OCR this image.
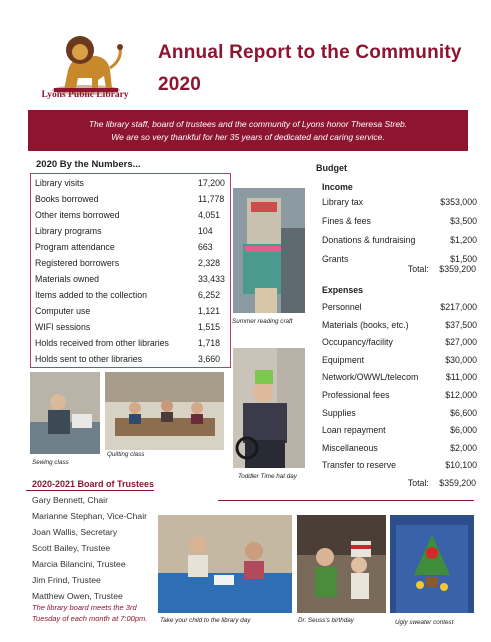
Lyons Public Library
Annual Report to the Community
2020
The library staff, board of trustees and the community of Lyons honor Theresa Streb.
We are so very thankful for her 35 years of dedicated and caring service.
2020 By the Numbers...
Library visits	17,200
Books borrowed	11,778
Other items borrowed	4,051
Library programs	104
Program attendance	663
Registered borrowers	2,328
Materials owned	33,433
Items added to the collection	6,252
Computer use	1,121
WIFI sessions	1,515
Holds received from other libraries	1,718
Holds sent to other libraries	3,660
Budget
Income
Library tax	$353,000
Fines & fees	$3,500
Donations & fundraising	$1,200
Grants	$1,500
Total: $359,200
Expenses
Personnel	$217,000
Materials (books, etc.)	$37,500
Occupancy/facility	$27,000
Equipment	$30,000
Network/OWWL/telecom	$11,000
Professional fees	$12,000
Supplies	$6,600
Loan repayment	$6,000
Miscellaneous	$2,000
Transfer to reserve	$10,100
Total: $359,200
Summer reading craft
Toddler Time hat day
Sewing class
Quilting class
Take your child to the library day	Dr. Seuss's birthday	Ugly sweater contest
2020-2021 Board of Trustees
Gary Bennett, Chair
Marianne Stephan, Vice-Chair
Joan Wallis, Secretary
Scott Bailey, Trustee
Marcia Bilancini, Trustee
Jim Frind, Trustee
Matthew Owen, Trustee
The library board meets the 3rd Tuesday of each month at 7:00pm.
